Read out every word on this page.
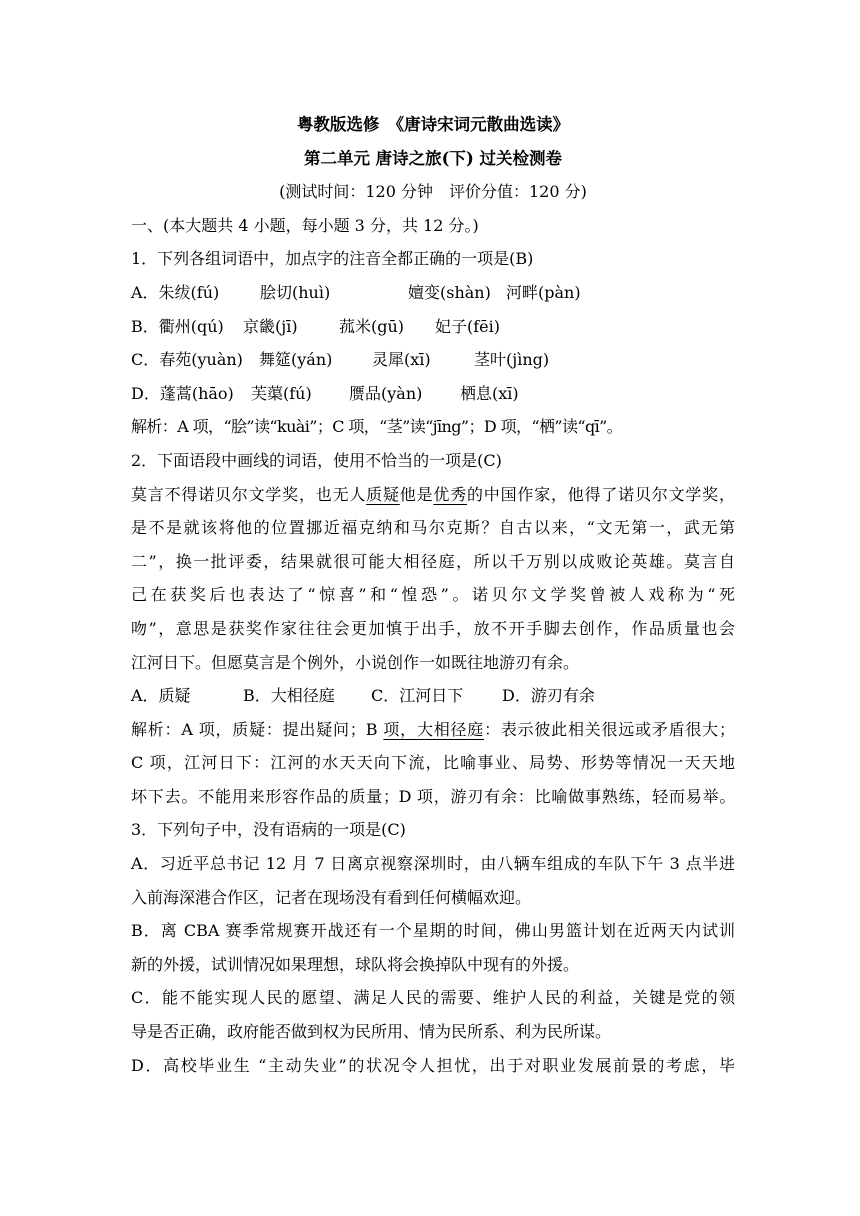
粤教版选修　《唐诗宋词元散曲选读》

第二单元 唐诗之旅(下) 过关检测卷

(测试时间：120 分钟　评价分值：120 分)

一、(本大题共 4 小题，每小题 3 分，共 12 分。)

1．下列各组词语中，加点字的注音全都正确的一项是(B)

A．朱绂(fú)	脍切(huì)	嬗变(shàn) 河畔(pàn)

B．衢州(qú) 京畿(jī)	菰米(gū) 妃子(fēi)

C．春苑(yuàn) 舞筵(yán) 灵犀(xī)	茎叶(jìng)

D．蓬蒿(hāo) 芙蕖(fú) 赝品(yàn) 栖息(xī)

解析：A 项，“脍”读“kuài”；C 项，“茎”读“jīng”；D 项，“栖”读“qī”。

2．下面语段中画线的词语，使用不恰当的一项是(C)

莫言不得诺贝尔文学奖，也无人质疑他是优秀的中国作家，他得了诺贝尔文学奖，

是不是就该将他的位置挪近福克纳和马尔克斯？自古以来，“文无第一，武无第

二”，换一批评委，结果就很可能大相径庭，所以千万别以成败论英雄。莫言自

己在获奖后也表达了“惊喜”和“惶恐”。诺贝尔文学奖曾被人戏称为“死

吻”，意思是获奖作家往往会更加慎于出手，放不开手脚去创作，作品质量也会

江河日下。但愿莫言是个例外，小说创作一如既往地游刃有余。

A．质疑	B．大相径庭 C．江河日下 D．游刃有余

解析：A 项，质疑：提出疑问；B 项，大相径庭：表示彼此相关很远或矛盾很大；

C 项，江河日下：江河的水天天向下流，比喻事业、局势、形势等情况一天天地

坏下去。不能用来形容作品的质量；D 项，游刃有余：比喻做事熟练，轻而易举。

3．下列句子中，没有语病的一项是(C)

A．习近平总书记 12 月 7 日离京视察深圳时，由八辆车组成的车队下午 3 点半进

入前海深港合作区，记者在现场没有看到任何横幅欢迎。

B．离 CBA 赛季常规赛开战还有一个星期的时间，佛山男篮计划在近两天内试训

新的外援，试训情况如果理想，球队将会换掉队中现有的外援。

C．能不能实现人民的愿望、满足人民的需要、维护人民的利益，关键是党的领

导是否正确，政府能否做到权为民所用、情为民所系、利为民所谋。

D．高校毕业生 “主动失业”的状况令人担忧，出于对职业发展前景的考虑，毕
